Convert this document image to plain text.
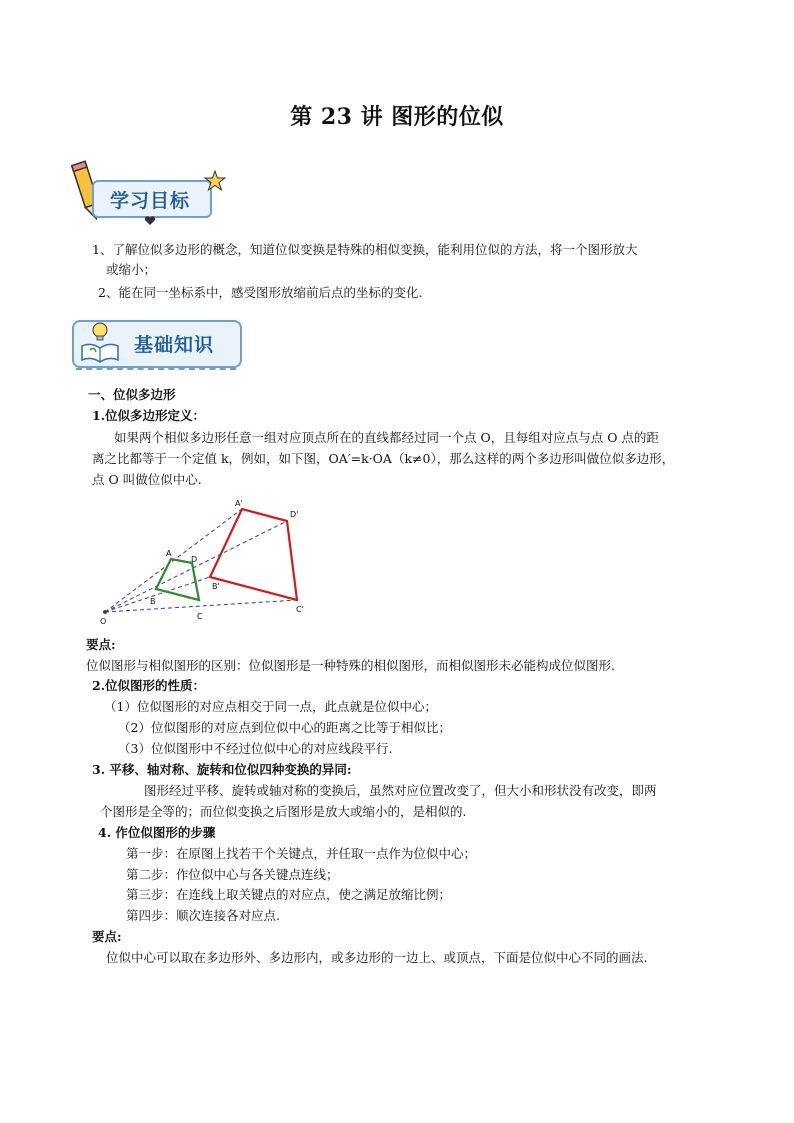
第 23 讲 图形的位似
学习目标
1、了解位似多边形的概念，知道位似变换是特殊的相似变换，能利用位似的方法，将一个图形放大
或缩小；
2、能在同一坐标系中，感受图形放缩前后点的坐标的变化.
基础知识
一、位似多边形
1.位似多边形定义：
如果两个相似多边形任意一组对应顶点所在的直线都经过同一个点 O，且每组对应点与点 O 点的距
离之比都等于一个定值 k，例如，如下图，OA′=k·OA（k≠0），那么这样的两个多边形叫做位似多边形，
点 O 叫做位似中心.
A
D
B
C
A'
D'
B'
C'
O
要点:
位似图形与相似图形的区别：位似图形是一种特殊的相似图形，而相似图形未必能构成位似图形.
2.位似图形的性质：
（1）位似图形的对应点相交于同一点，此点就是位似中心；
（2）位似图形的对应点到位似中心的距离之比等于相似比；
（3）位似图形中不经过位似中心的对应线段平行.
3. 平移、轴对称、旋转和位似四种变换的异同:
图形经过平移、旋转或轴对称的变换后，虽然对应位置改变了，但大小和形状没有改变，即两
个图形是全等的；而位似变换之后图形是放大或缩小的，是相似的.
4. 作位似图形的步骤
第一步：在原图上找若干个关键点，并任取一点作为位似中心；
第二步：作位似中心与各关键点连线；
第三步：在连线上取关键点的对应点，使之满足放缩比例；
第四步：顺次连接各对应点.
要点:
位似中心可以取在多边形外、多边形内，或多边形的一边上、或顶点，下面是位似中心不同的画法.
